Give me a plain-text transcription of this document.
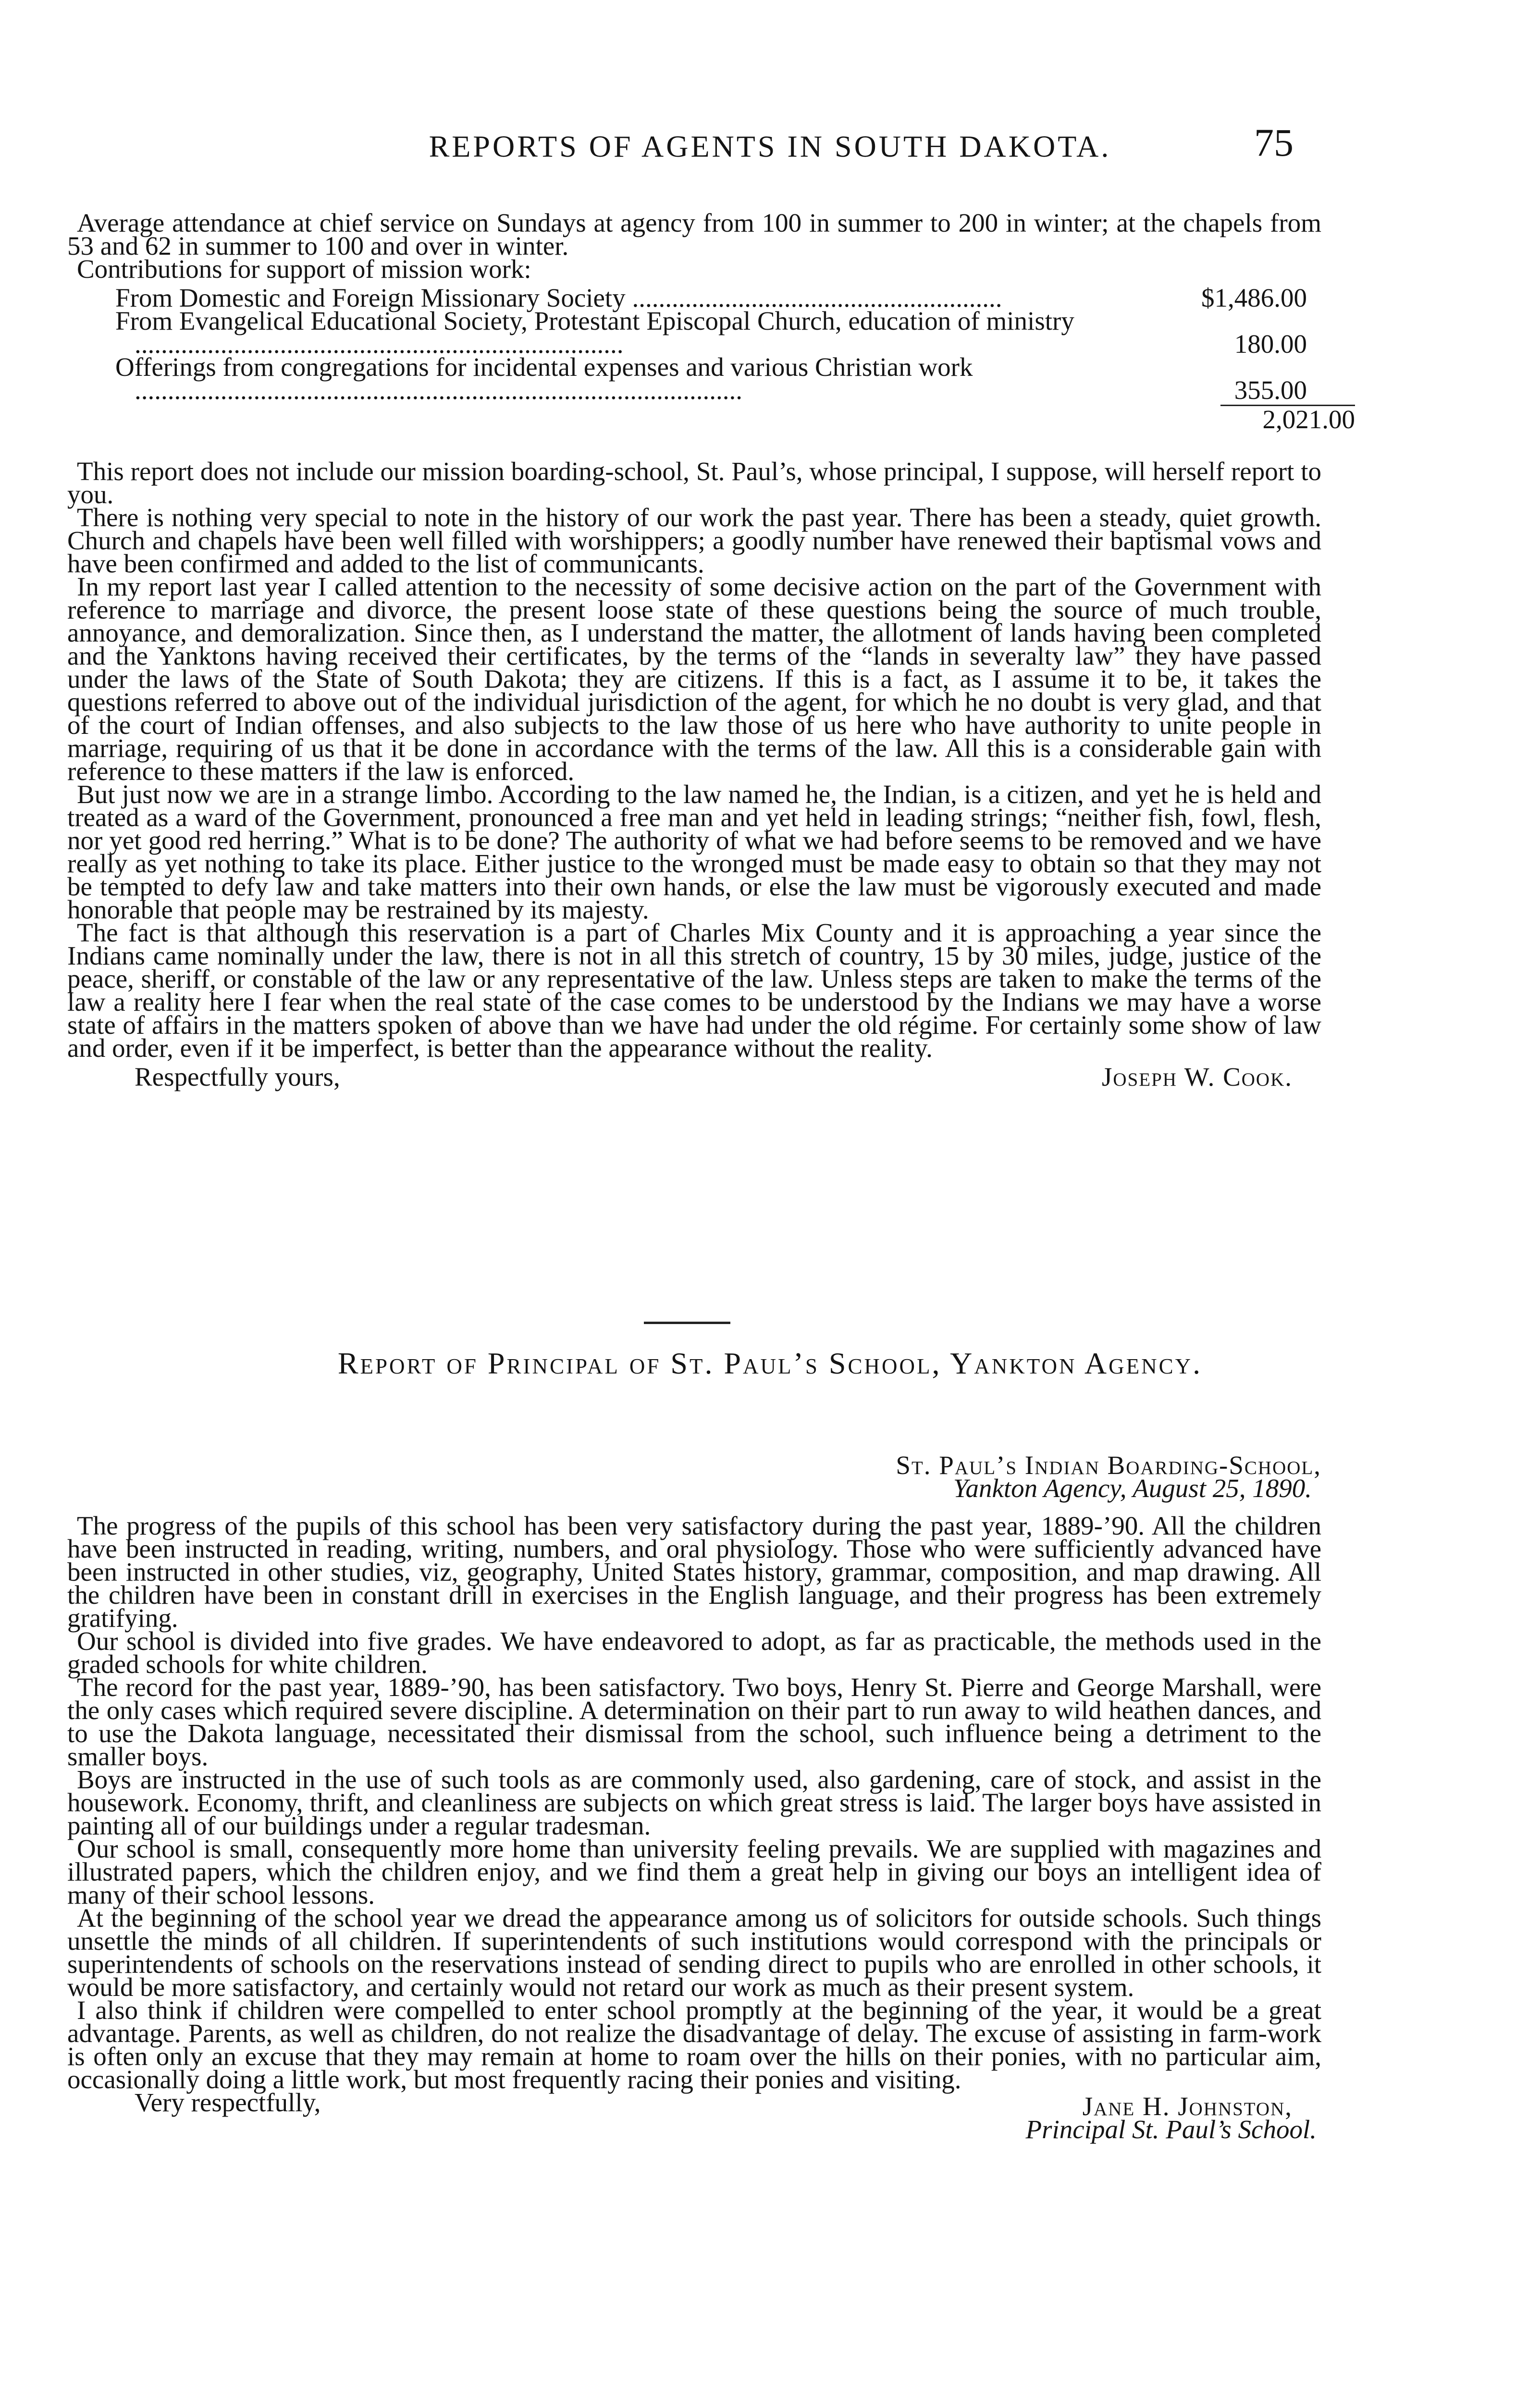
REPORTS OF AGENTS IN SOUTH DAKOTA.	75

Average attendance at chief service on Sundays at agency from 100 in summer to 200 in winter; at the chapels from 53 and 62 in summer to 100 and over in winter.

Contributions for support of mission work:

From Domestic and Foreign Missionary Society ........................................................	$1,486.00
From Evangelical Educational Society, Protestant Episcopal Church, education of ministry ..........................................................................	180.00
Offerings from congregations for incidental expenses and various Christian work ............................................................................................	355.00
2,021.00

This report does not include our mission boarding-school, St. Paul’s, whose principal, I suppose, will herself report to you.

There is nothing very special to note in the history of our work the past year. There has been a steady, quiet growth. Church and chapels have been well filled with worshippers; a goodly number have renewed their baptismal vows and have been confirmed and added to the list of communicants.

In my report last year I called attention to the necessity of some decisive action on the part of the Government with reference to marriage and divorce, the present loose state of these questions being the source of much trouble, annoyance, and demoralization. Since then, as I understand the matter, the allotment of lands having been completed and the Yanktons having received their certificates, by the terms of the “lands in severalty law” they have passed under the laws of the State of South Dakota; they are citizens. If this is a fact, as I assume it to be, it takes the questions referred to above out of the individual jurisdiction of the agent, for which he no doubt is very glad, and that of the court of Indian offenses, and also subjects to the law those of us here who have authority to unite people in marriage, requiring of us that it be done in accordance with the terms of the law. All this is a considerable gain with reference to these matters if the law is enforced.

But just now we are in a strange limbo. According to the law named he, the Indian, is a citizen, and yet he is held and treated as a ward of the Government, pronounced a free man and yet held in leading strings; “neither fish, fowl, flesh, nor yet good red herring.” What is to be done? The authority of what we had before seems to be removed and we have really as yet nothing to take its place. Either justice to the wronged must be made easy to obtain so that they may not be tempted to defy law and take matters into their own hands, or else the law must be vigorously executed and made honorable that people may be restrained by its majesty.

The fact is that although this reservation is a part of Charles Mix County and it is approaching a year since the Indians came nominally under the law, there is not in all this stretch of country, 15 by 30 miles, judge, justice of the peace, sheriff, or constable of the law or any representative of the law. Unless steps are taken to make the terms of the law a reality here I fear when the real state of the case comes to be understood by the Indians we may have a worse state of affairs in the matters spoken of above than we have had under the old régime. For certainly some show of law and order, even if it be imperfect, is better than the appearance without the reality.

Respectfully yours,	Joseph W. Cook.
Report of Principal of St. Paul’s School, Yankton Agency.
St. Paul’s Indian Boarding-School,
Yankton Agency, August 25, 1890.

The progress of the pupils of this school has been very satisfactory during the past year, 1889-’90. All the children have been instructed in reading, writing, numbers, and oral physiology. Those who were sufficiently advanced have been instructed in other studies, viz, geography, United States history, grammar, composition, and map drawing. All the children have been in constant drill in exercises in the English language, and their progress has been extremely gratifying.

Our school is divided into five grades. We have endeavored to adopt, as far as practicable, the methods used in the graded schools for white children.

The record for the past year, 1889-’90, has been satisfactory. Two boys, Henry St. Pierre and George Marshall, were the only cases which required severe discipline. A determination on their part to run away to wild heathen dances, and to use the Dakota language, necessitated their dismissal from the school, such influence being a detriment to the smaller boys.

Boys are instructed in the use of such tools as are commonly used, also gardening, care of stock, and assist in the housework. Economy, thrift, and cleanliness are subjects on which great stress is laid. The larger boys have assisted in painting all of our buildings under a regular tradesman.

Our school is small, consequently more home than university feeling prevails. We are supplied with magazines and illustrated papers, which the children enjoy, and we find them a great help in giving our boys an intelligent idea of many of their school lessons.

At the beginning of the school year we dread the appearance among us of solicitors for outside schools. Such things unsettle the minds of all children. If superintendents of such institutions would correspond with the principals or superintendents of schools on the reservations instead of sending direct to pupils who are enrolled in other schools, it would be more satisfactory, and certainly would not retard our work as much as their present system.

I also think if children were compelled to enter school promptly at the beginning of the year, it would be a great advantage. Parents, as well as children, do not realize the disadvantage of delay. The excuse of assisting in farm-work is often only an excuse that they may remain at home to roam over the hills on their ponies, with no particular aim, occasionally doing a little work, but most frequently racing their ponies and visiting.

Very respectfully,	Jane H. Johnston,
Principal St. Paul’s School.
